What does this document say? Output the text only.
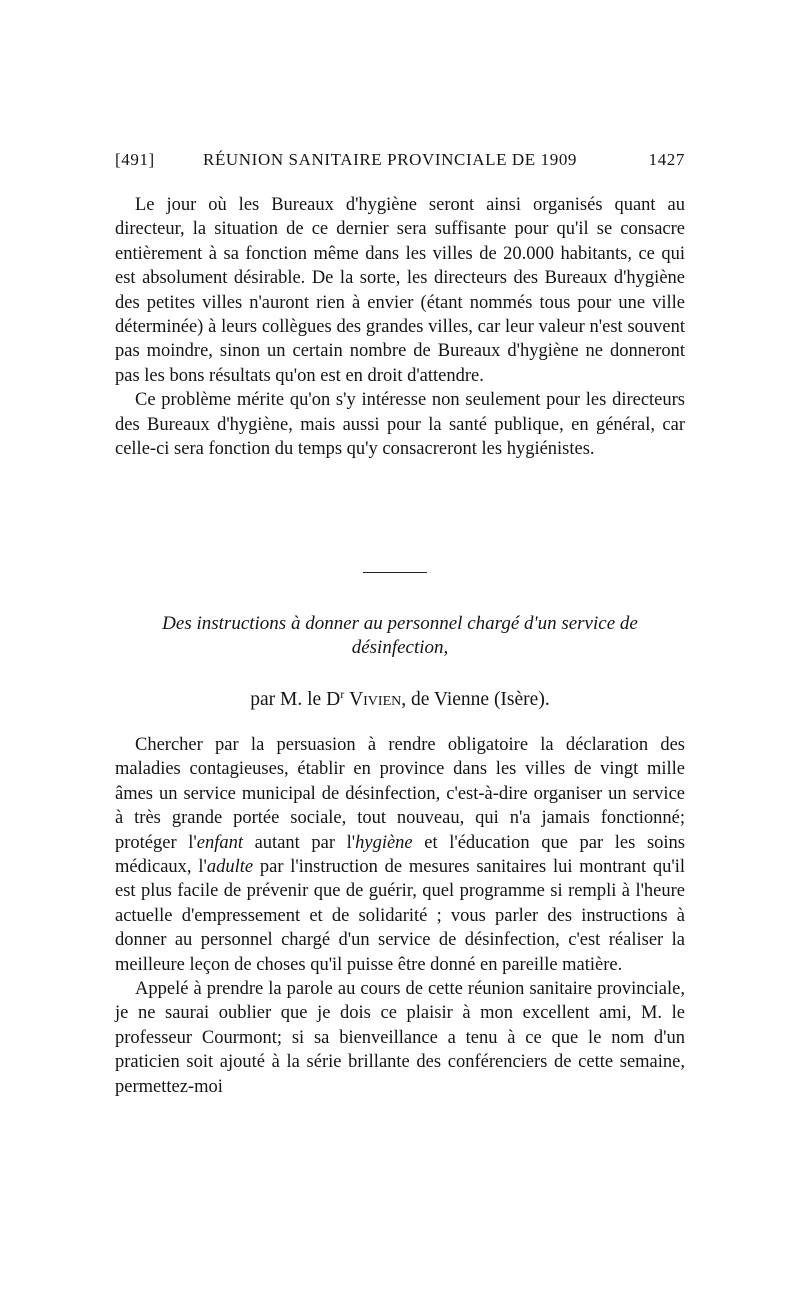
[491]	RÉUNION SANITAIRE PROVINCIALE DE 1909	1427

Le jour où les Bureaux d'hygiène seront ainsi organisés quant au directeur, la situation de ce dernier sera suffisante pour qu'il se consacre entièrement à sa fonction même dans les villes de 20.000 habitants, ce qui est absolument désirable. De la sorte, les directeurs des Bureaux d'hygiène des petites villes n'auront rien à envier (étant nommés tous pour une ville déterminée) à leurs collègues des grandes villes, car leur valeur n'est souvent pas moindre, sinon un certain nombre de Bureaux d'hygiène ne donneront pas les bons résultats qu'on est en droit d'attendre.

Ce problème mérite qu'on s'y intéresse non seulement pour les directeurs des Bureaux d'hygiène, mais aussi pour la santé publique, en général, car celle-ci sera fonction du temps qu'y consacreront les hygiénistes.

Des instructions à donner au personnel chargé d'un service de désinfection,
par M. le $D^r$ Vivien, de Vienne (Isère).

Chercher par la persuasion à rendre obligatoire la déclaration des maladies contagieuses, établir en province dans les villes de vingt mille âmes un service municipal de désinfection, c'est-à-dire organiser un service à très grande portée sociale, tout nouveau, qui n'a jamais fonctionné; protéger l'enfant autant par l'hygiène et l'éducation que par les soins médicaux, l'adulte par l'instruction de mesures sanitaires lui montrant qu'il est plus facile de prévenir que de guérir, quel programme si rempli à l'heure actuelle d'empressement et de solidarité ; vous parler des instructions à donner au personnel chargé d'un service de désinfection, c'est réaliser la meilleure leçon de choses qu'il puisse être donné en pareille matière.

Appelé à prendre la parole au cours de cette réunion sanitaire provinciale, je ne saurai oublier que je dois ce plaisir à mon excellent ami, M. le professeur Courmont; si sa bienveillance a tenu à ce que le nom d'un praticien soit ajouté à la série brillante des conférenciers de cette semaine, permettez-moi
